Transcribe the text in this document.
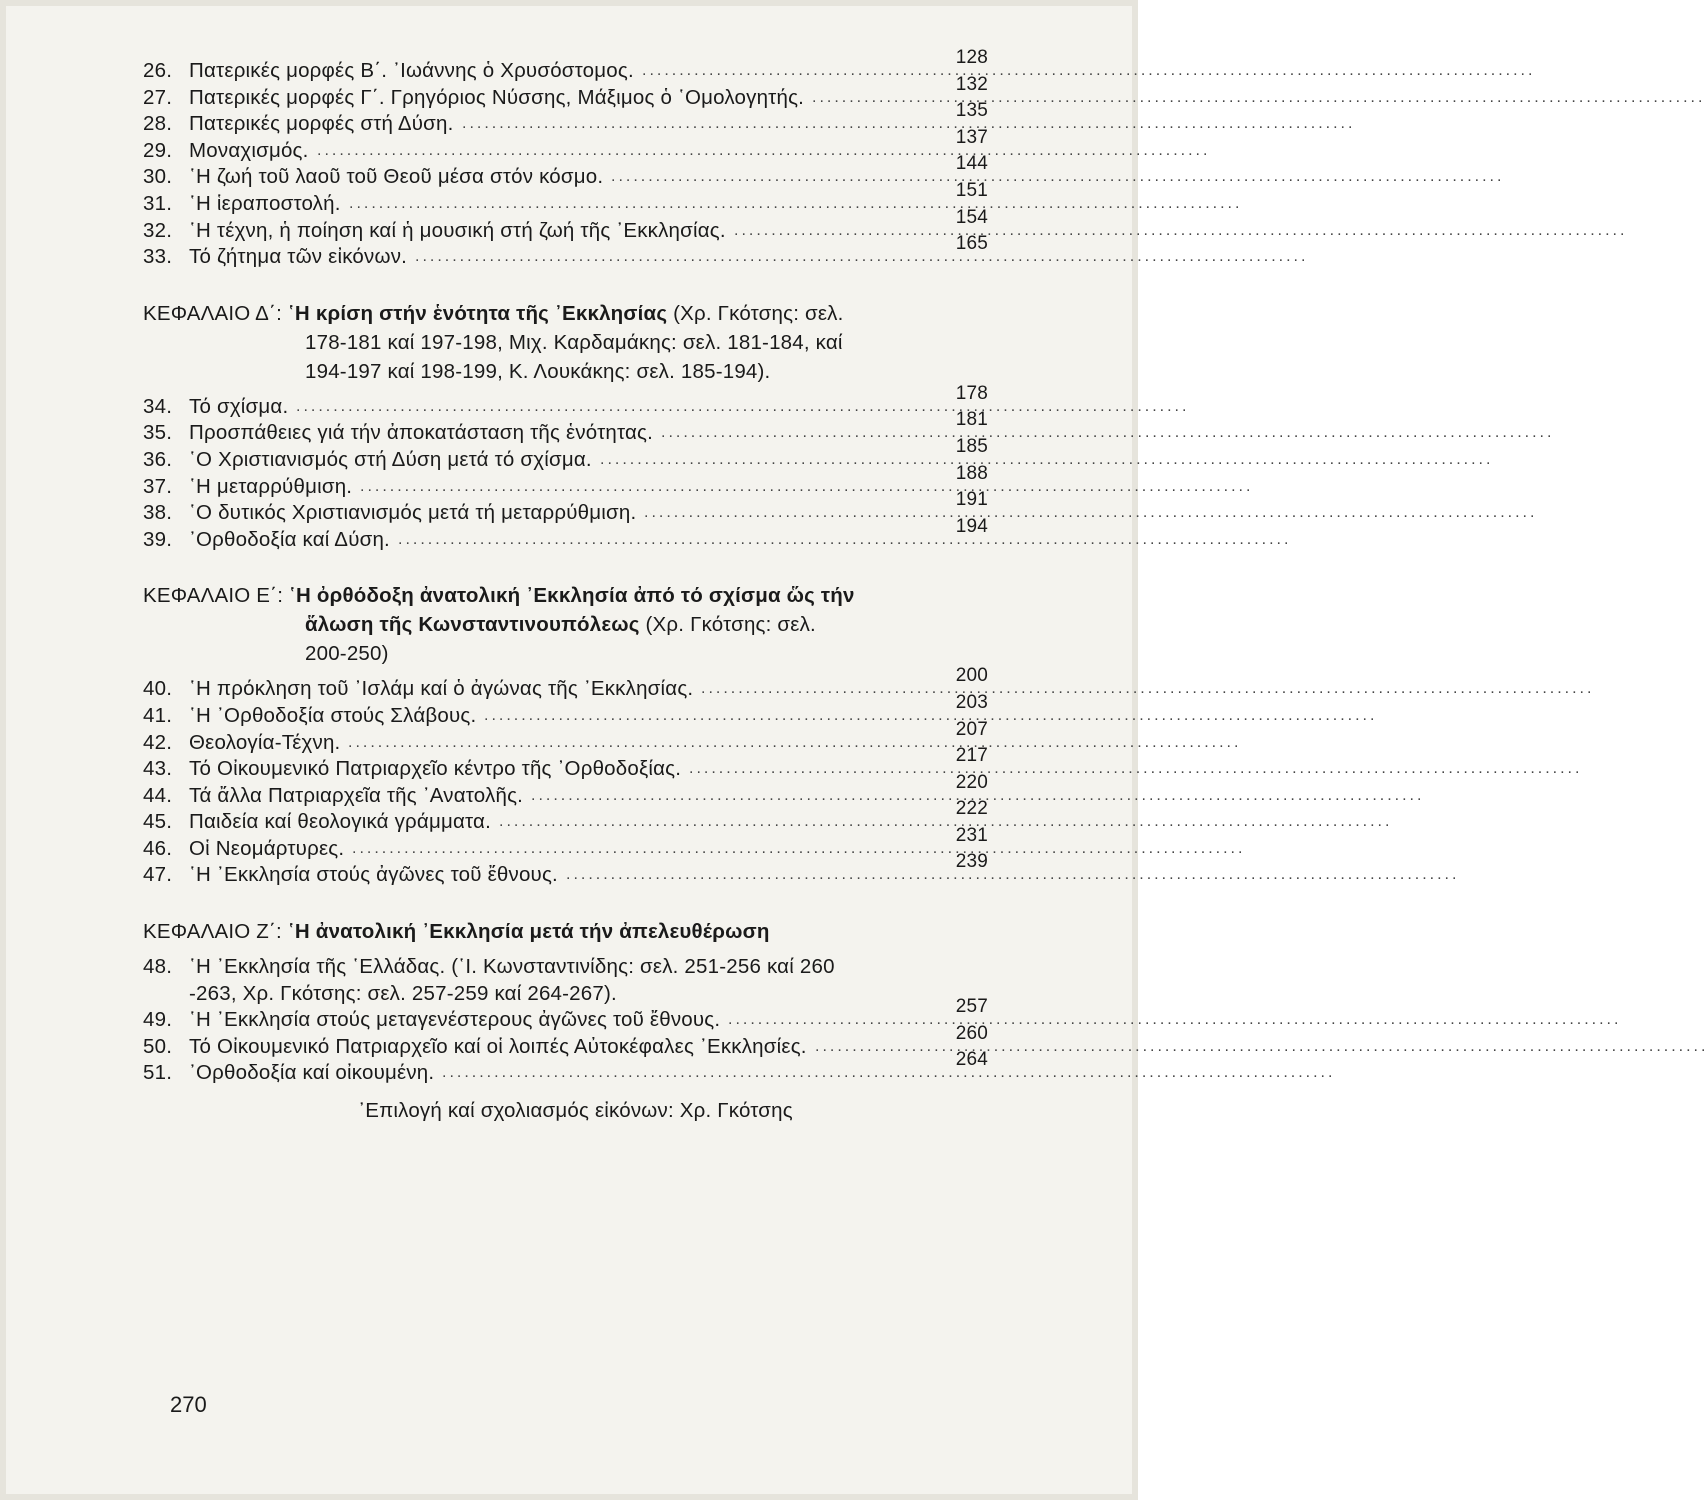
26. Πατερικές μορφές Β΄. ᾿Ιωάννης ὁ Χρυσόστομος. ........................................................................................................................
128
27. Πατερικές μορφές Γ΄. Γρηγόριος Νύσσης, Μάξιμος ὁ ῾Ομολογητής. ........................................................................................................................
132
28. Πατερικές μορφές στή Δύση. ........................................................................................................................
135
29. Μοναχισμός. ........................................................................................................................
137
30. ῾Η ζωή τοῦ λαοῦ τοῦ Θεοῦ μέσα στόν κόσμο. ........................................................................................................................
144
31. ῾Η ἱεραποστολή. ........................................................................................................................
151
32. ῾Η τέχνη, ἡ ποίηση καί ἡ μουσική στή ζωή τῆς ᾿Εκκλησίας. ........................................................................................................................
154
33. Τό ζήτημα τῶν εἰκόνων. ........................................................................................................................
165
ΚΕΦΑΛΑΙΟ Δ΄: ῾Η κρίση στήν ἑνότητα τῆς ᾿Εκκλησίας (Χρ. Γκότσης: σελ.
178-181 καί 197-198, Μιχ. Καρδαμάκης: σελ. 181-184, καί
194-197 καί 198-199, Κ. Λουκάκης: σελ. 185-194).
34. Τό σχίσμα. ........................................................................................................................
178
35. Προσπάθειες γιά τήν ἀποκατάσταση τῆς ἑνότητας. ........................................................................................................................
181
36. ῾Ο Χριστιανισμός στή Δύση μετά τό σχίσμα. ........................................................................................................................
185
37. ῾Η μεταρρύθμιση. ........................................................................................................................
188
38. ῾Ο δυτικός Χριστιανισμός μετά τή μεταρρύθμιση. ........................................................................................................................
191
39. ᾿Ορθοδοξία καί Δύση. ........................................................................................................................
194
ΚΕΦΑΛΑΙΟ Ε΄: ῾Η ὀρθόδοξη ἀνατολική ᾿Εκκλησία ἀπό τό σχίσμα ὥς τήν
ἅλωση τῆς Κωνσταντινουπόλεως (Χρ. Γκότσης: σελ.
200-250)
40. ῾Η πρόκληση τοῦ ᾿Ισλάμ καί ὁ ἀγώνας τῆς ᾿Εκκλησίας. ........................................................................................................................
200
41. ῾Η ᾿Ορθοδοξία στούς Σλάβους. ........................................................................................................................
203
42. Θεολογία-Τέχνη. ........................................................................................................................
207
43. Τό Οἰκουμενικό Πατριαρχεῖο κέντρο τῆς ᾿Ορθοδοξίας. ........................................................................................................................
217
44. Τά ἄλλα Πατριαρχεῖα τῆς ᾿Ανατολῆς. ........................................................................................................................
220
45. Παιδεία καί θεολογικά γράμματα. ........................................................................................................................
222
46. Οἱ Νεομάρτυρες. ........................................................................................................................
231
47. ῾Η ᾿Εκκλησία στούς ἀγῶνες τοῦ ἔθνους. ........................................................................................................................
239
ΚΕΦΑΛΑΙΟ Ζ΄: ῾Η ἀνατολική ᾿Εκκλησία μετά τήν ἀπελευθέρωση
48. ῾Η ᾿Εκκλησία τῆς ῾Ελλάδας. (῾Ι. Κωνσταντινίδης: σελ. 251-256 καί 260
-263, Χρ. Γκότσης: σελ. 257-259 καί 264-267).
49. ῾Η ᾿Εκκλησία στούς μεταγενέστερους ἀγῶνες τοῦ ἔθνους. ........................................................................................................................
257
50. Τό Οἰκουμενικό Πατριαρχεῖο καί οἱ λοιπές Αὐτοκέφαλες ᾿Εκκλησίες. ........................................................................................................................
260
51. ᾿Ορθοδοξία καί οἰκουμένη. ........................................................................................................................
264
᾿Επιλογή καί σχολιασμός εἰκόνων: Χρ. Γκότσης
270
